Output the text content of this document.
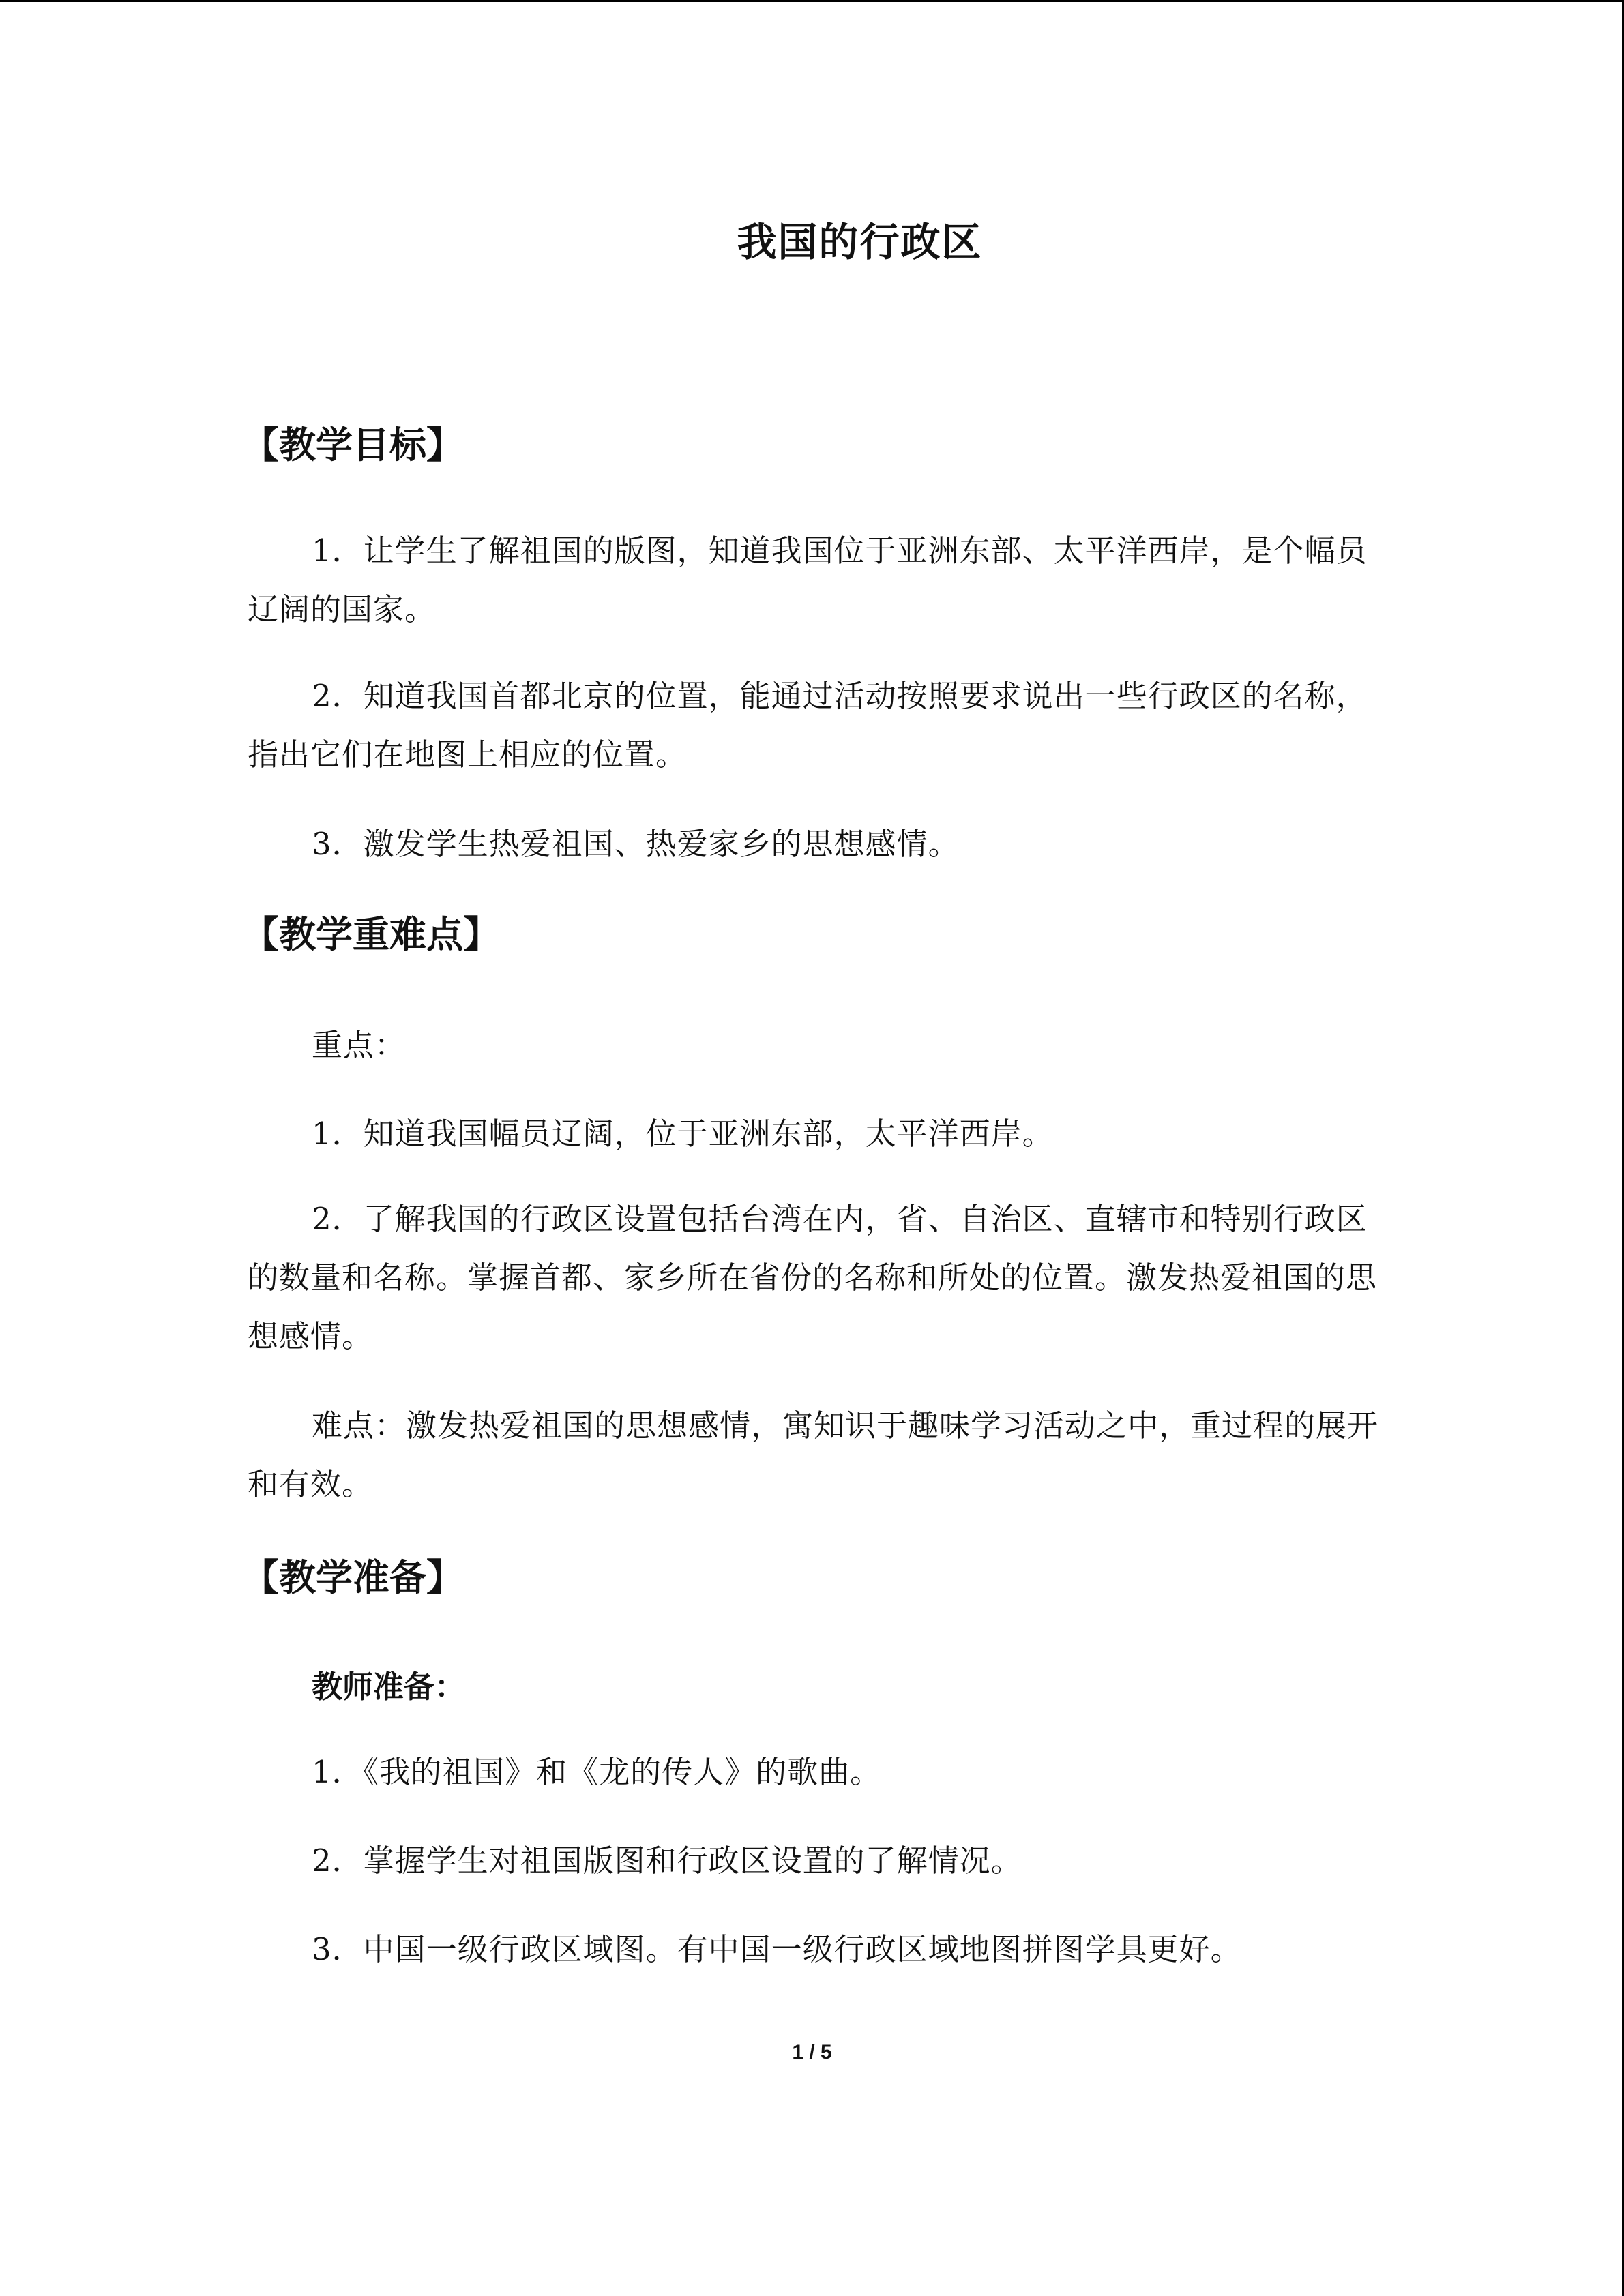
我国的行政区
【教学目标】
1．让学生了解祖国的版图，知道我国位于亚洲东部、太平洋西岸，是个幅员辽阔的国家。
2．知道我国首都北京的位置，能通过活动按照要求说出一些行政区的名称，指出它们在地图上相应的位置。
3．激发学生热爱祖国、热爱家乡的思想感情。
【教学重难点】
重点：
1．知道我国幅员辽阔，位于亚洲东部，太平洋西岸。
2．了解我国的行政区设置包括台湾在内，省、自治区、直辖市和特别行政区的数量和名称。掌握首都、家乡所在省份的名称和所处的位置。激发热爱祖国的思想感情。
难点：激发热爱祖国的思想感情，寓知识于趣味学习活动之中，重过程的展开和有效。
【教学准备】
教师准备：
1．《我的祖国》和《龙的传人》的歌曲。
2．掌握学生对祖国版图和行政区设置的了解情况。
3．中国一级行政区域图。有中国一级行政区域地图拼图学具更好。
1 / 5
